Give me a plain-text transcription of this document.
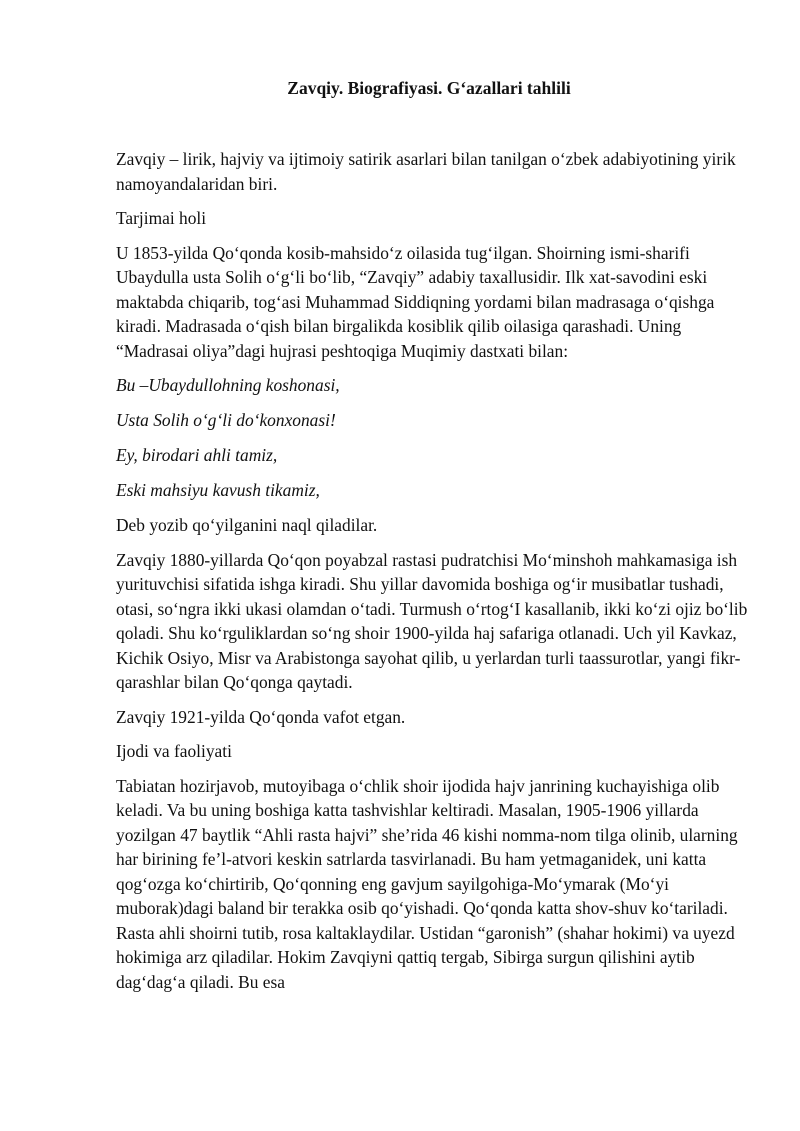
Zavqiy. Biografiyasi. G‘azallari tahlili

Zavqiy – lirik, hajviy va ijtimoiy satirik asarlari bilan tanilgan o‘zbek adabiyotining yirik namoyandalaridan biri.

Tarjimai holi

U 1853-yilda Qo‘qonda kosib-mahsido‘z oilasida tug‘ilgan. Shoirning ismi-sharifi Ubaydulla usta Solih o‘g‘li bo‘lib, “Zavqiy” adabiy taxallusidir. Ilk xat-savodini eski maktabda chiqarib, tog‘asi Muhammad Siddiqning yordami bilan madrasaga o‘qishga kiradi. Madrasada o‘qish bilan birgalikda kosiblik qilib oilasiga qarashadi. Uning “Madrasai oliya”dagi hujrasi peshtoqiga Muqimiy dastxati bilan:

Bu –Ubaydullohning koshonasi,

Usta Solih o‘g‘li do‘konxonasi!

Ey, birodari ahli tamiz,

Eski mahsiyu kavush tikamiz,

Deb yozib qo‘yilganini naql qiladilar.

Zavqiy 1880-yillarda Qo‘qon poyabzal rastasi pudratchisi Mo‘minshoh mahkamasiga ish yurituvchisi sifatida ishga kiradi. Shu yillar davomida boshiga og‘ir musibatlar tushadi, otasi, so‘ngra ikki ukasi olamdan o‘tadi. Turmush o‘rtog‘I kasallanib, ikki ko‘zi ojiz bo‘lib qoladi. Shu ko‘rguliklardan so‘ng shoir 1900-yilda haj safariga otlanadi. Uch yil Kavkaz, Kichik Osiyo, Misr va Arabistonga sayohat qilib, u yerlardan turli taassurotlar, yangi fikr-qarashlar bilan Qo‘qonga qaytadi.

Zavqiy 1921-yilda Qo‘qonda vafot etgan.

Ijodi va faoliyati

Tabiatan hozirjavob, mutoyibaga o‘chlik shoir ijodida hajv janrining kuchayishiga olib keladi. Va bu uning boshiga katta tashvishlar keltiradi. Masalan, 1905-1906 yillarda yozilgan 47 baytlik “Ahli rasta hajvi” she’rida 46 kishi nomma-nom tilga olinib, ularning har birining fe’l-atvori keskin satrlarda tasvirlanadi. Bu ham yetmaganidek, uni katta qog‘ozga ko‘chirtirib, Qo‘qonning eng gavjum sayilgohiga-Mo‘ymarak (Mo‘yi muborak)dagi baland bir terakka osib qo‘yishadi. Qo‘qonda katta shov-shuv ko‘tariladi. Rasta ahli shoirni tutib, rosa kaltaklaydilar. Ustidan “garonish” (shahar hokimi) va uyezd hokimiga arz qiladilar. Hokim Zavqiyni qattiq tergab, Sibirga surgun qilishini aytib dag‘dag‘a qiladi. Bu esa
